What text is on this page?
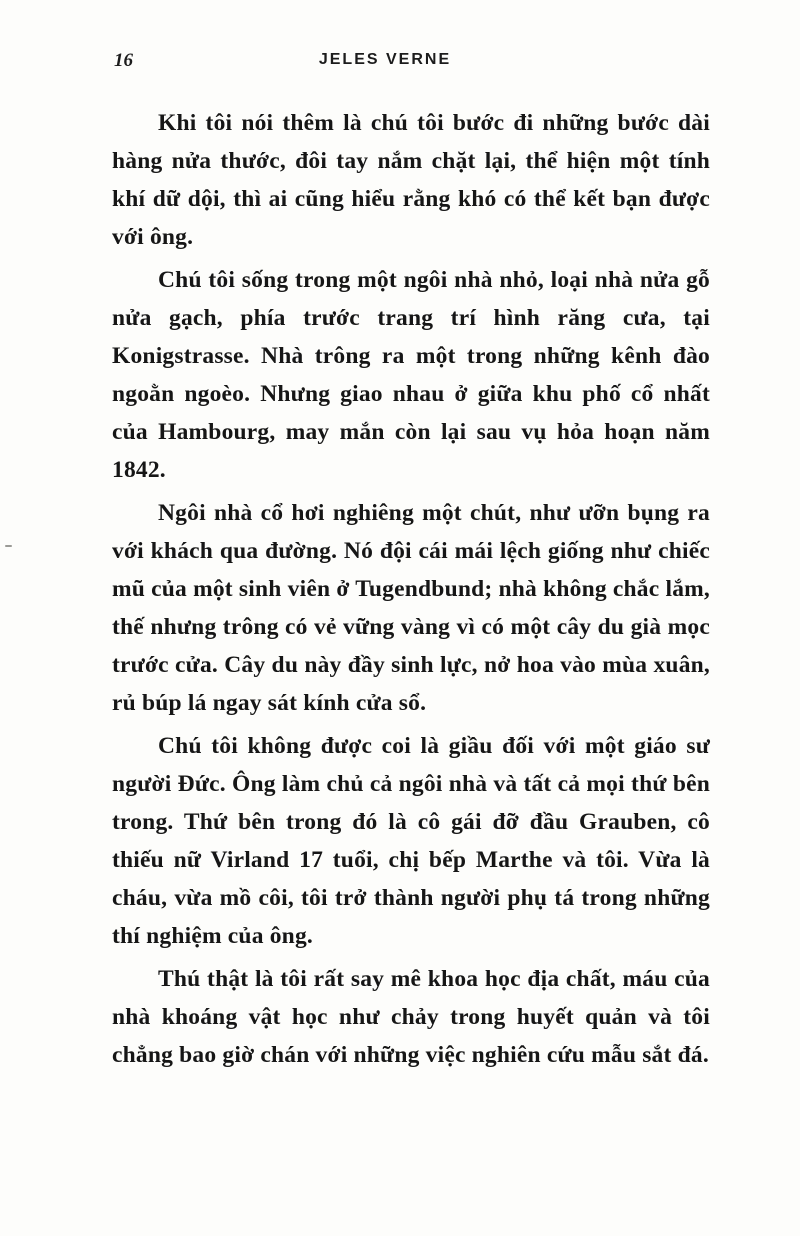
16	JELES VERNE

Khi tôi nói thêm là chú tôi bước đi những bước dài hàng nửa thước, đôi tay nắm chặt lại, thể hiện một tính khí dữ dội, thì ai cũng hiểu rằng khó có thể kết bạn được với ông.

Chú tôi sống trong một ngôi nhà nhỏ, loại nhà nửa gỗ nửa gạch, phía trước trang trí hình răng cưa, tại Konigstrasse. Nhà trông ra một trong những kênh đào ngoằn ngoèo. Nhưng giao nhau ở giữa khu phố cổ nhất của Hambourg, may mắn còn lại sau vụ hỏa hoạn năm 1842.

Ngôi nhà cổ hơi nghiêng một chút, như ưỡn bụng ra với khách qua đường. Nó đội cái mái lệch giống như chiếc mũ của một sinh viên ở Tugendbund; nhà không chắc lắm, thế nhưng trông có vẻ vững vàng vì có một cây du già mọc trước cửa. Cây du này đầy sinh lực, nở hoa vào mùa xuân, rủ búp lá ngay sát kính cửa sổ.

Chú tôi không được coi là giầu đối với một giáo sư người Đức. Ông làm chủ cả ngôi nhà và tất cả mọi thứ bên trong. Thứ bên trong đó là cô gái đỡ đầu Grauben, cô thiếu nữ Virland 17 tuổi, chị bếp Marthe và tôi. Vừa là cháu, vừa mồ côi, tôi trở thành người phụ tá trong những thí nghiệm của ông.

Thú thật là tôi rất say mê khoa học địa chất, máu của nhà khoáng vật học như chảy trong huyết quản và tôi chẳng bao giờ chán với những việc nghiên cứu mẫu sắt đá.
